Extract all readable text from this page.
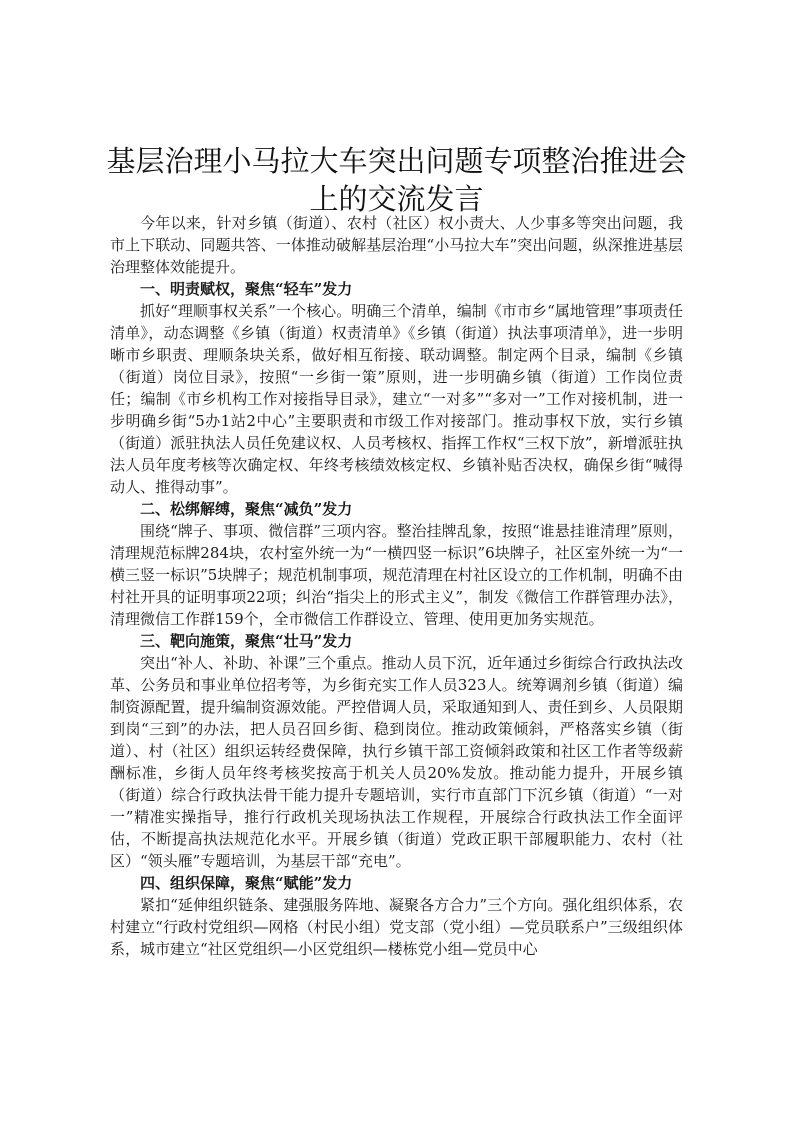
基层治理小马拉大车突出问题专项整治推进会上的交流发言

今年以来，针对乡镇（街道）、农村（社区）权小责大、人少事多等突出问题，我市上下联动、同题共答、一体推动破解基层治理“小马拉大车”突出问题，纵深推进基层治理整体效能提升。

一、明责赋权，聚焦“轻车”发力

抓好“理顺事权关系”一个核心。明确三个清单，编制《市市乡“属地管理”事项责任清单》，动态调整《乡镇（街道）权责清单》《乡镇（街道）执法事项清单》，进一步明晰市乡职责、理顺条块关系，做好相互衔接、联动调整。制定两个目录，编制《乡镇（街道）岗位目录》，按照“一乡街一策”原则，进一步明确乡镇（街道）工作岗位责任；编制《市乡机构工作对接指导目录》，建立“一对多”“多对一”工作对接机制，进一步明确乡街“5办1站2中心”主要职责和市级工作对接部门。推动事权下放，实行乡镇（街道）派驻执法人员任免建议权、人员考核权、指挥工作权“三权下放”，新增派驻执法人员年度考核等次确定权、年终考核绩效核定权、乡镇补贴否决权，确保乡街“喊得动人、推得动事”。

二、松绑解缚，聚焦“减负”发力

围绕“牌子、事项、微信群”三项内容。整治挂牌乱象，按照“谁悬挂谁清理”原则，清理规范标牌284块，农村室外统一为“一横四竖一标识”6块牌子，社区室外统一为“一横三竖一标识”5块牌子；规范机制事项，规范清理在村社区设立的工作机制，明确不由村社开具的证明事项22项；纠治“指尖上的形式主义”，制发《微信工作群管理办法》，清理微信工作群159个，全市微信工作群设立、管理、使用更加务实规范。

三、靶向施策，聚焦“壮马”发力

突出“补人、补助、补课”三个重点。推动人员下沉，近年通过乡街综合行政执法改革、公务员和事业单位招考等，为乡街充实工作人员323人。统筹调剂乡镇（街道）编制资源配置，提升编制资源效能。严控借调人员，采取通知到人、责任到乡、人员限期到岗“三到”的办法，把人员召回乡街、稳到岗位。推动政策倾斜，严格落实乡镇（街道）、村（社区）组织运转经费保障，执行乡镇干部工资倾斜政策和社区工作者等级薪酬标准，乡街人员年终考核奖按高于机关人员20%发放。推动能力提升，开展乡镇（街道）综合行政执法骨干能力提升专题培训，实行市直部门下沉乡镇（街道）“一对一”精准实操指导，推行行政机关现场执法工作规程，开展综合行政执法工作全面评估，不断提高执法规范化水平。开展乡镇（街道）党政正职干部履职能力、农村（社区）“领头雁”专题培训，为基层干部“充电”。

四、组织保障，聚焦“赋能”发力

紧扣“延伸组织链条、建强服务阵地、凝聚各方合力”三个方向。强化组织体系，农村建立“行政村党组织—网格（村民小组）党支部（党小组）—党员联系户”三级组织体系，城市建立“社区党组织—小区党组织—楼栋党小组—党员中心
